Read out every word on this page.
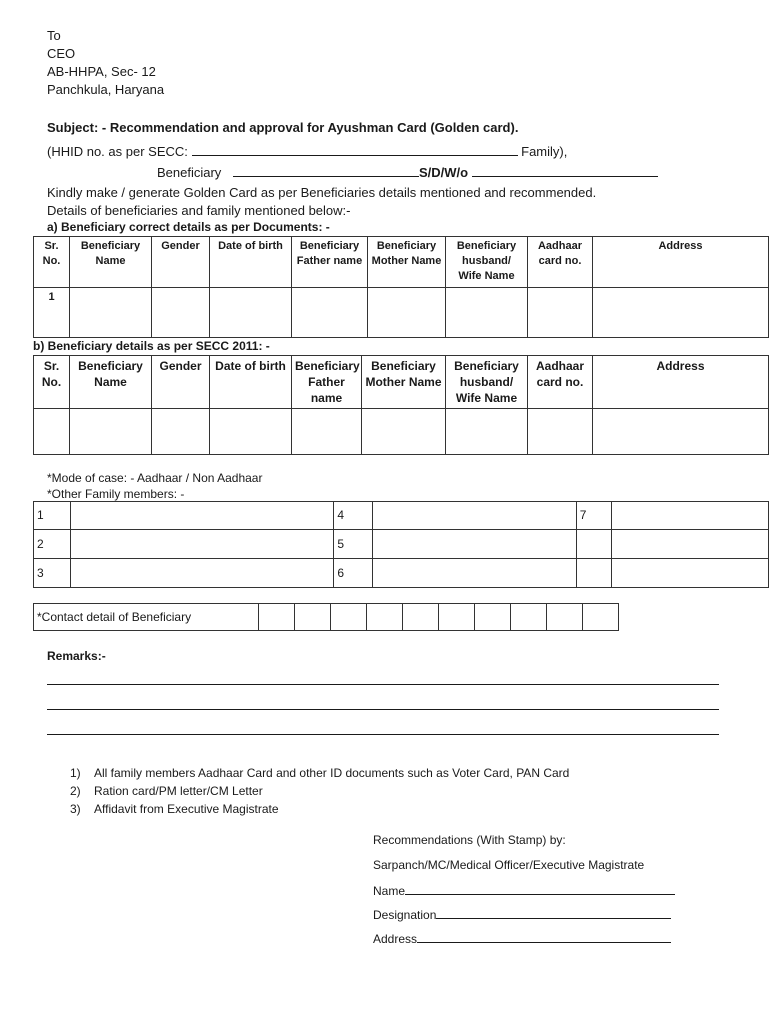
To
CEO
AB-HHPA, Sec- 12
Panchkula, Haryana
Subject: - Recommendation and approval for Ayushman Card (Golden card).
(HHID no. as per SECC:	Family),
Beneficiary	S/D/W/o
Kindly make / generate Golden Card as per Beneficiaries details mentioned and recommended.
Details of beneficiaries and family mentioned below:-
a) Beneficiary correct details as per Documents: -
Sr. No.	Beneficiary Name	Gender	Date of birth	Beneficiary Father name	Beneficiary Mother Name	Beneficiary husband/ Wife Name	Aadhaar card no.	Address
1								
b) Beneficiary details as per SECC 2011: -
Sr. No.	Beneficiary Name	Gender	Date of birth	Beneficiary Father name	Beneficiary Mother Name	Beneficiary husband/ Wife Name	Aadhaar card no.	Address

*Mode of case: - Aadhaar / Non Aadhaar
*Other Family members: -
1		4		7	
2		5			
3		6			
*Contact detail of Beneficiary										
Remarks:-
1) All family members Aadhaar Card and other ID documents such as Voter Card, PAN Card
2) Ration card/PM letter/CM Letter
3) Affidavit from Executive Magistrate
Recommendations (With Stamp) by:
Sarpanch/MC/Medical Officer/Executive Magistrate
Name
Designation
Address
